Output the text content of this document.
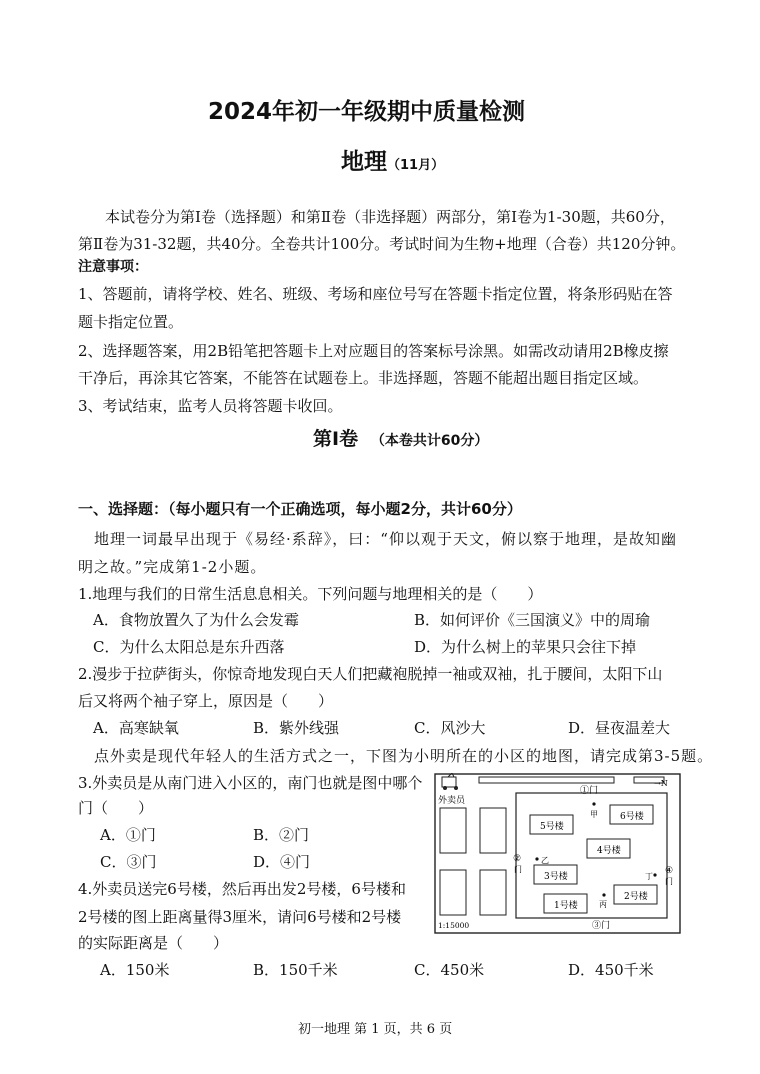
2024年初一年级期中质量检测
地理（11月）
本试卷分为第Ⅰ卷（选择题）和第Ⅱ卷（非选择题）两部分，第Ⅰ卷为1-30题，共60分，
第Ⅱ卷为31-32题，共40分。全卷共计100分。考试时间为生物+地理（合卷）共120分钟。
注意事项：
1、答题前，请将学校、姓名、班级、考场和座位号写在答题卡指定位置，将条形码贴在答
题卡指定位置。
2、选择题答案，用2B铅笔把答题卡上对应题目的答案标号涂黑。如需改动请用2B橡皮擦
干净后，再涂其它答案，不能答在试题卷上。非选择题，答题不能超出题目指定区域。
3、考试结束，监考人员将答题卡收回。
第Ⅰ卷 （本卷共计60分）
一、选择题：（每小题只有一个正确选项，每小题2分，共计60分）
地理一词最早出现于《易经·系辞》，曰：“仰以观于天文，俯以察于地理，是故知幽
明之故。”完成第1-2小题。
1.地理与我们的日常生活息息相关。下列问题与地理相关的是（　　）
A．食物放置久了为什么会发霉	B．如何评价《三国演义》中的周瑜
C．为什么太阳总是东升西落	D．为什么树上的苹果只会往下掉
2.漫步于拉萨街头，你惊奇地发现白天人们把藏袍脱掉一袖或双袖，扎于腰间，太阳下山
后又将两个袖子穿上，原因是（　　）
A．高寒缺氧	B．紫外线强	C．风沙大	D．昼夜温差大
点外卖是现代年轻人的生活方式之一，下图为小明所在的小区的地图，请完成第3-5题。
3.外卖员是从南门进入小区的，南门也就是图中哪个
门（　　）
A．①门	B．②门
C．③门	D．④门
4.外卖员送完6号楼，然后再出发2号楼，6号楼和
2号楼的图上距离量得3厘米，请问6号楼和2号楼
的实际距离是（　　）
A．150米	B．150千米	C．450米	D．450千米
外卖员
5号楼
6号楼
4号楼
3号楼
2号楼
1号楼
①门
→N
②
门
③门
④
门
甲
乙
丙
丁
1:15000
初一地理 第 1 页，共 6 页
